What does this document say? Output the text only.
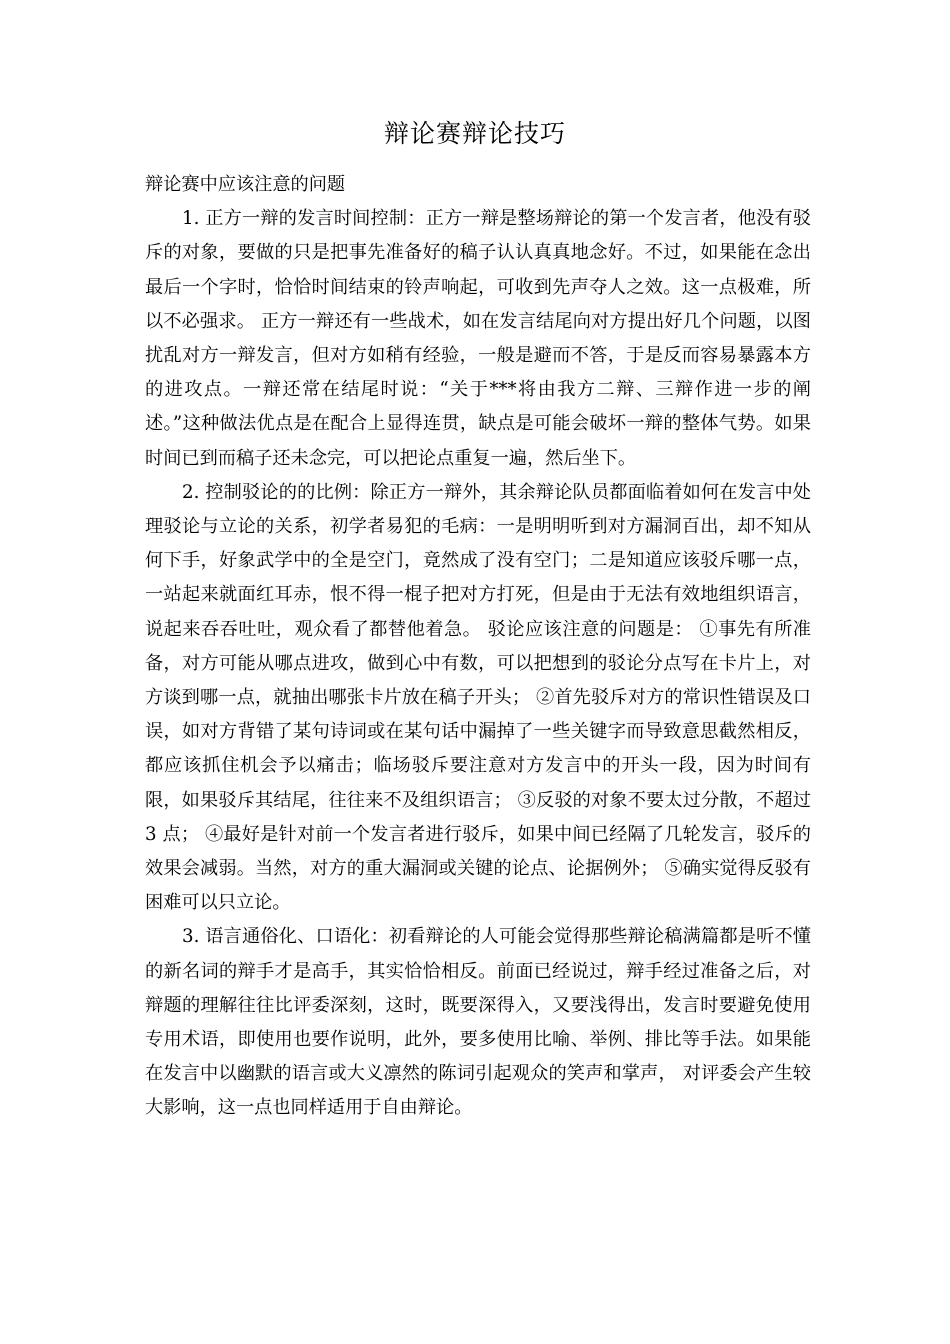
辩论赛辩论技巧

辩论赛中应该注意的问题

1. 正方一辩的发言时间控制：正方一辩是整场辩论的第一个发言者，他没有驳斥的对象，要做的只是把事先准备好的稿子认认真真地念好。不过，如果能在念出最后一个字时，恰恰时间结束的铃声响起，可收到先声夺人之效。这一点极难，所以不必强求。 正方一辩还有一些战术，如在发言结尾向对方提出好几个问题，以图扰乱对方一辩发言，但对方如稍有经验，一般是避而不答，于是反而容易暴露本方的进攻点。一辩还常在结尾时说：“关于***将由我方二辩、三辩作进一步的阐述。”这种做法优点是在配合上显得连贯，缺点是可能会破坏一辩的整体气势。如果时间已到而稿子还未念完，可以把论点重复一遍，然后坐下。

2. 控制驳论的的比例：除正方一辩外，其余辩论队员都面临着如何在发言中处理驳论与立论的关系，初学者易犯的毛病：一是明明听到对方漏洞百出，却不知从何下手，好象武学中的全是空门，竟然成了没有空门；二是知道应该驳斥哪一点，一站起来就面红耳赤，恨不得一棍子把对方打死，但是由于无法有效地组织语言，说起来吞吞吐吐，观众看了都替他着急。 驳论应该注意的问题是： ①事先有所准备，对方可能从哪点进攻，做到心中有数，可以把想到的驳论分点写在卡片上，对方谈到哪一点，就抽出哪张卡片放在稿子开头； ②首先驳斥对方的常识性错误及口误，如对方背错了某句诗词或在某句话中漏掉了一些关键字而导致意思截然相反，都应该抓住机会予以痛击；临场驳斥要注意对方发言中的开头一段，因为时间有限，如果驳斥其结尾，往往来不及组织语言； ③反驳的对象不要太过分散，不超过 3 点； ④最好是针对前一个发言者进行驳斥，如果中间已经隔了几轮发言，驳斥的效果会减弱。当然，对方的重大漏洞或关键的论点、论据例外； ⑤确实觉得反驳有困难可以只立论。

3. 语言通俗化、口语化：初看辩论的人可能会觉得那些辩论稿满篇都是听不懂的新名词的辩手才是高手，其实恰恰相反。前面已经说过，辩手经过准备之后，对辩题的理解往往比评委深刻，这时，既要深得入，又要浅得出，发言时要避免使用专用术语，即使用也要作说明，此外，要多使用比喻、举例、排比等手法。如果能在发言中以幽默的语言或大义凛然的陈词引起观众的笑声和掌声， 对评委会产生较大影响，这一点也同样适用于自由辩论。
